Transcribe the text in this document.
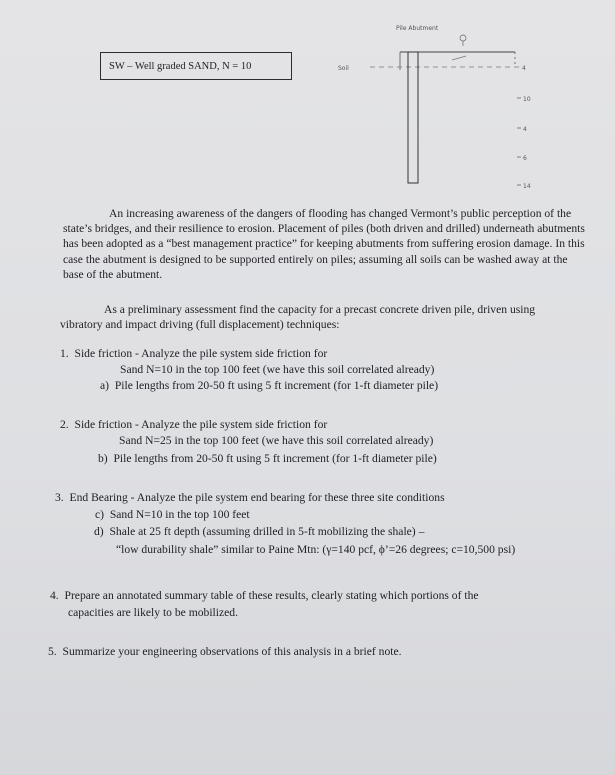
SW – Well graded SAND, N = 10
Pile Abutment
Soil	4
10
4
6
14

An increasing awareness of the dangers of flooding has changed Vermont’s public perception of the state’s bridges, and their resilience to erosion. Placement of piles (both driven and drilled) underneath abutments has been adopted as a “best management practice” for keeping abutments from suffering erosion damage. In this case the abutment is designed to be supported entirely on piles; assuming all soils can be washed away at the base of the abutment.

As a preliminary assessment find the capacity for a precast concrete driven pile, driven using vibratory and impact driving (full displacement) techniques:

1. Side friction - Analyze the pile system side friction for
Sand N=10 in the top 100 feet (we have this soil correlated already)
a) Pile lengths from 20-50 ft using 5 ft increment (for 1-ft diameter pile)
2. Side friction - Analyze the pile system side friction for
Sand N=25 in the top 100 feet (we have this soil correlated already)
b) Pile lengths from 20-50 ft using 5 ft increment (for 1-ft diameter pile)
3. End Bearing - Analyze the pile system end bearing for these three site conditions
c) Sand N=10 in the top 100 feet
d) Shale at 25 ft depth (assuming drilled in 5-ft mobilizing the shale) –
“low durability shale” similar to Paine Mtn: (γ=140 pcf, ϕ’=26 degrees; c=10,500 psi)
4. Prepare an annotated summary table of these results, clearly stating which portions of the
capacities are likely to be mobilized.
5. Summarize your engineering observations of this analysis in a brief note.
